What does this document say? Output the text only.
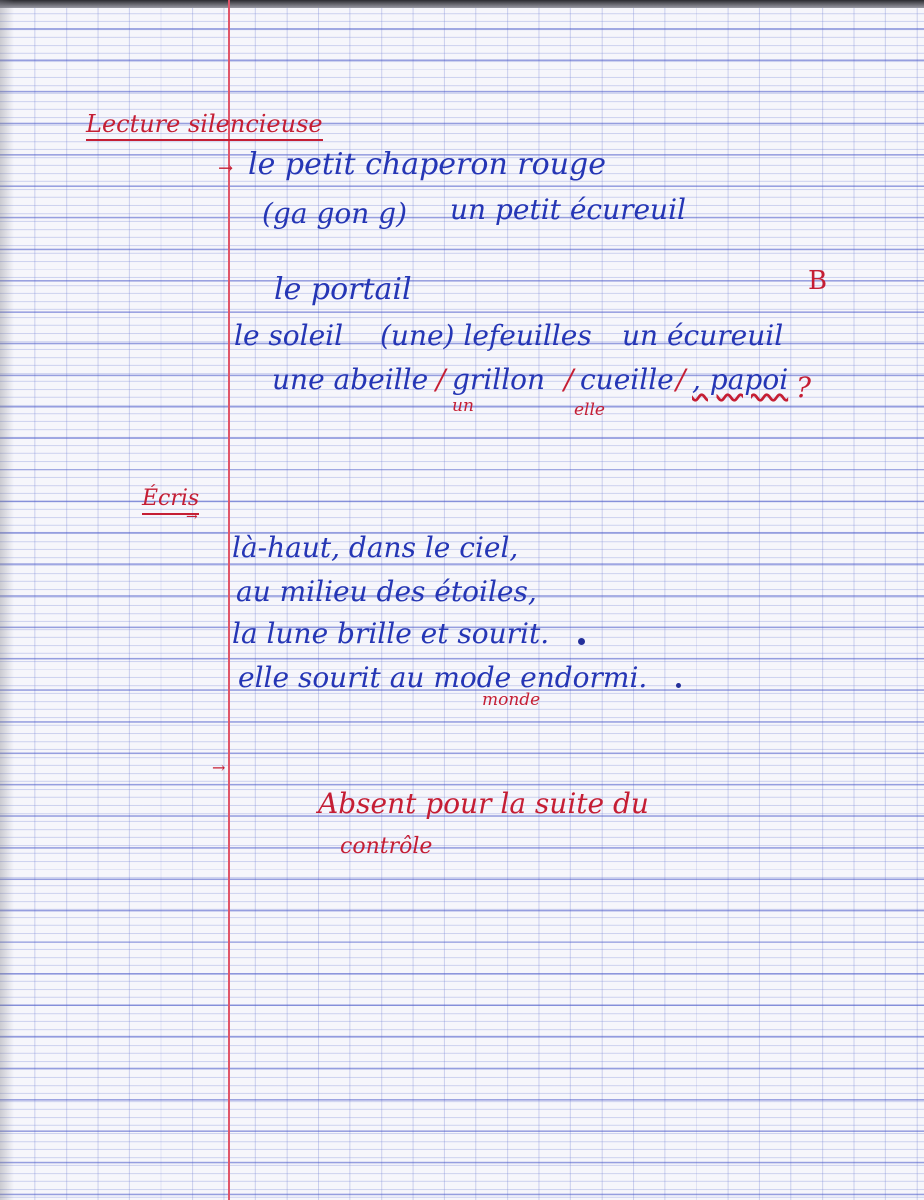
Lecture silencieuse
→ le petit chaperon rouge
(ga gon g) un petit écureuil
le portail	B
le soleil (une) lefeuilles un écureuil
une abeille / grillon / cueille / , papoi ?
un	elle
Écris
→
là-haut, dans le ciel,
au milieu des étoiles,
la lune brille et sourit.
elle sourit au mode endormi.
monde
→
Absent pour la suite du
contrôle
